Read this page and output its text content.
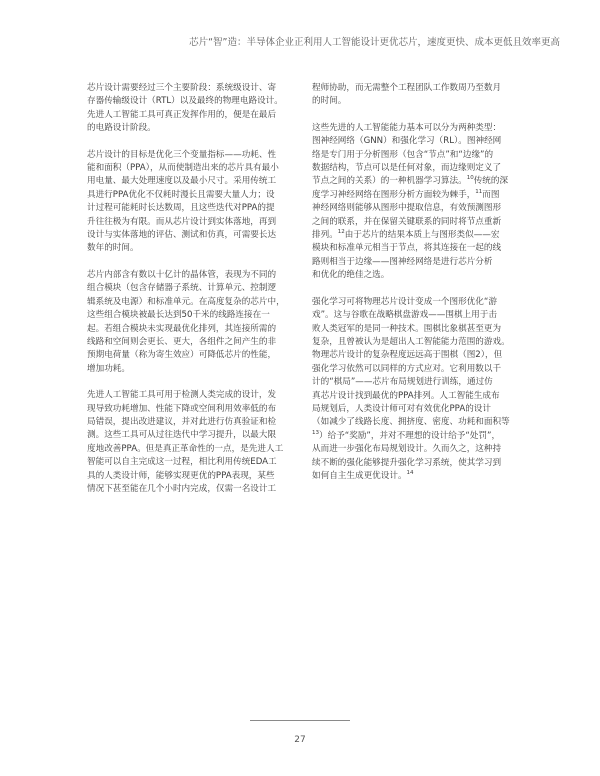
芯片“智”造：半导体企业正利用人工智能设计更优芯片，速度更快、成本更低且效率更高

芯片设计需要经过三个主要阶段：系统级设计、寄
存器传输级设计（RTL）以及最终的物理电路设计。
先进人工智能工具可真正发挥作用的，便是在最后
的电路设计阶段。

芯片设计的目标是优化三个变量指标——功耗、性
能和面积（PPA），从而使制造出来的芯片具有最小
用电量、最大处理速度以及最小尺寸。采用传统工
具进行PPA优化不仅耗时漫长且需要大量人力；设
计过程可能耗时长达数周，且这些迭代对PPA的提
升往往极为有限。而从芯片设计到实体落地，再到
设计与实体落地的评估、测试和仿真，可需要长达
数年的时间。

芯片内部含有数以十亿计的晶体管，表现为不同的
组合模块（包含存储器子系统、计算单元、控制逻
辑系统及电源）和标准单元。在高度复杂的芯片中，
这些组合模块被最长达到50千米的线路连接在一
起。若组合模块未实现最优化排列，其连接所需的
线路和空间则会更长、更大，各组件之间产生的非
预期电荷量（称为寄生效应）可降低芯片的性能，
增加功耗。

先进人工智能工具可用于检测人类完成的设计，发
现导致功耗增加、性能下降或空间利用效率低的布
局错误，提出改进建议，并对此进行仿真验证和检
测。这些工具可从过往迭代中学习提升，以最大限
度地改善PPA。但是真正革命性的一点，是先进人工
智能可以自主完成这一过程，相比利用传统EDA工
具的人类设计师，能够实现更优的PPA表现，某些
情况下甚至能在几个小时内完成，仅需一名设计工

程师协助，而无需整个工程团队工作数周乃至数月
的时间。

这些先进的人工智能能力基本可以分为两种类型：
图神经网络（GNN）和强化学习（RL）。图神经网
络是专门用于分析图形（包含“节点”和“边缘”的
数据结构，节点可以是任何对象，而边缘则定义了
节点之间的关系）的一种机器学习算法。$^{10}$传统的深
度学习神经网络在图形分析方面较为棘手，$^{11}$而图
神经网络则能够从图形中提取信息，有效预测图形
之间的联系，并在保留关键联系的同时将节点重新
排列。$^{12}$由于芯片的结果本质上与图形类似——宏
模块和标准单元相当于节点，将其连接在一起的线
路则相当于边缘——图神经网络是进行芯片分析
和优化的绝佳之选。

强化学习可将物理芯片设计变成一个图形优化“游
戏”。这与谷歌在战略棋盘游戏——围棋上用于击
败人类冠军的是同一种技术。围棋比象棋甚至更为
复杂，且曾被认为是超出人工智能能力范围的游戏。
物理芯片设计的复杂程度远远高于围棋（图2），但
强化学习依然可以同样的方式应对。它利用数以千
计的“棋局”——芯片布局规划进行训练，通过仿
真芯片设计找到最优的PPA排列。人工智能生成布
局规划后，人类设计师可对有效优化PPA的设计
（如减少了线路长度、拥挤度、密度、功耗和面积等
$^{13}$）给予“奖励”，并对不理想的设计给予“处罚”，
从而进一步强化布局规划设计。久而久之，这种持
续不断的强化能够提升强化学习系统，使其学习到
如何自主生成更优设计。$^{14}$

27
